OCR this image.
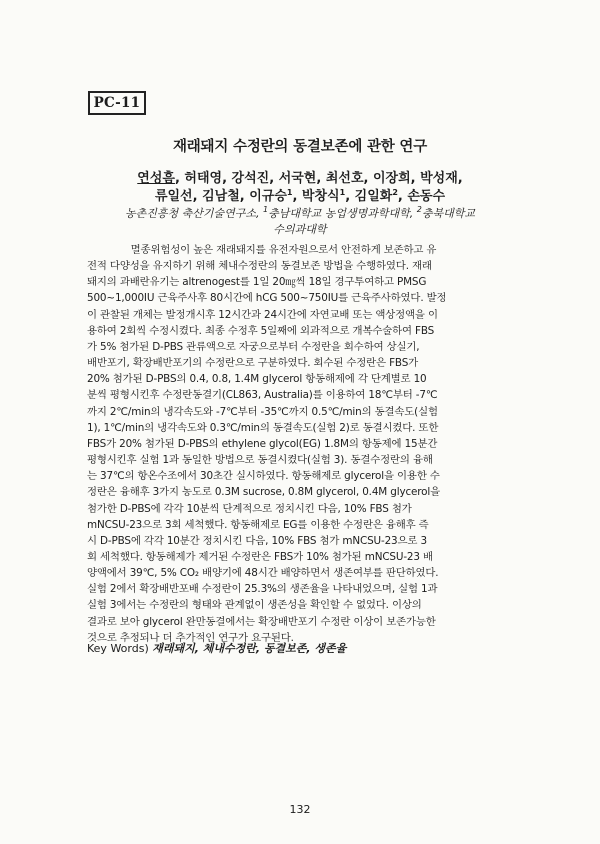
PC-11
재래돼지 수정란의 동결보존에 관한 연구
연성흠, 허태영, 강석진, 서국현, 최선호, 이장희, 박성재,
류일선, 김남철, 이규승$^1$, 박창식$^1$, 김일화$^2$, 손동수
농촌진흥청 축산기술연구소, $^1$충남대학교 농업생명과학대학, $^2$충북대학교
수의과대학
멸종위험성이 높은 재래돼지를 유전자원으로서 안전하게 보존하고 유
전적 다양성을 유지하기 위해 체내수정란의 동결보존 방법을 수행하였다. 재래
돼지의 과배란유기는 altrenogest를 1일 20㎎씩 18일 경구투여하고 PMSG
500~1,000IU 근육주사후 80시간에 hCG 500~750IU를 근육주사하였다. 발정
이 관찰된 개체는 발정개시후 12시간과 24시간에 자연교배 또는 액상정액을 이
용하여 2회씩 수정시켰다. 최종 수정후 5일째에 외과적으로 개복수술하여 FBS
가 5% 첨가된 D-PBS 관류액으로 자궁으로부터 수정란을 회수하여 상실기,
배반포기, 확장배반포기의 수정란으로 구분하였다. 회수된 수정란은 FBS가
20% 첨가된 D-PBS의 0.4, 0.8, 1.4M glycerol 항동해제에 각 단계별로 10
분씩 평형시킨후 수정란동결기(CL863, Australia)를 이용하여 18℃부터 -7℃
까지 2℃/min의 냉각속도와 -7℃부터 -35℃까지 0.5℃/min의 동결속도(실험
1), 1℃/min의 냉각속도와 0.3℃/min의 동결속도(실험 2)로 동결시켰다. 또한
FBS가 20% 첨가된 D-PBS의 ethylene glycol(EG) 1.8M의 항동제에 15분간
평형시킨후 실험 1과 동일한 방법으로 동결시켰다(실험 3). 동결수정란의 융해
는 37℃의 항온수조에서 30초간 실시하였다. 항동해제로 glycerol을 이용한 수
정란은 융해후 3가지 농도로 0.3M sucrose, 0.8M glycerol, 0.4M glycerol을
첨가한 D-PBS에 각각 10분씩 단계적으로 정치시킨 다음, 10% FBS 첨가
mNCSU-23으로 3회 세척했다. 항동해제로 EG를 이용한 수정란은 융해후 즉
시 D-PBS에 각각 10분간 정치시킨 다음, 10% FBS 첨가 mNCSU-23으로 3
회 세척했다. 항동해제가 제거된 수정란은 FBS가 10% 첨가된 mNCSU-23 배
양액에서 39℃, 5% CO₂ 배양기에 48시간 배양하면서 생존여부를 판단하였다.
실험 2에서 확장배반포배 수정란이 25.3%의 생존율을 나타내었으며, 실험 1과
실험 3에서는 수정란의 형태와 관계없이 생존성을 확인할 수 없었다. 이상의
결과로 보아 glycerol 완만동결에서는 확장배반포기 수정란 이상이 보존가능한
것으로 추정되나 더 추가적인 연구가 요구된다.
Key Words) 재래돼지, 체내수정란, 동결보존, 생존율
132
